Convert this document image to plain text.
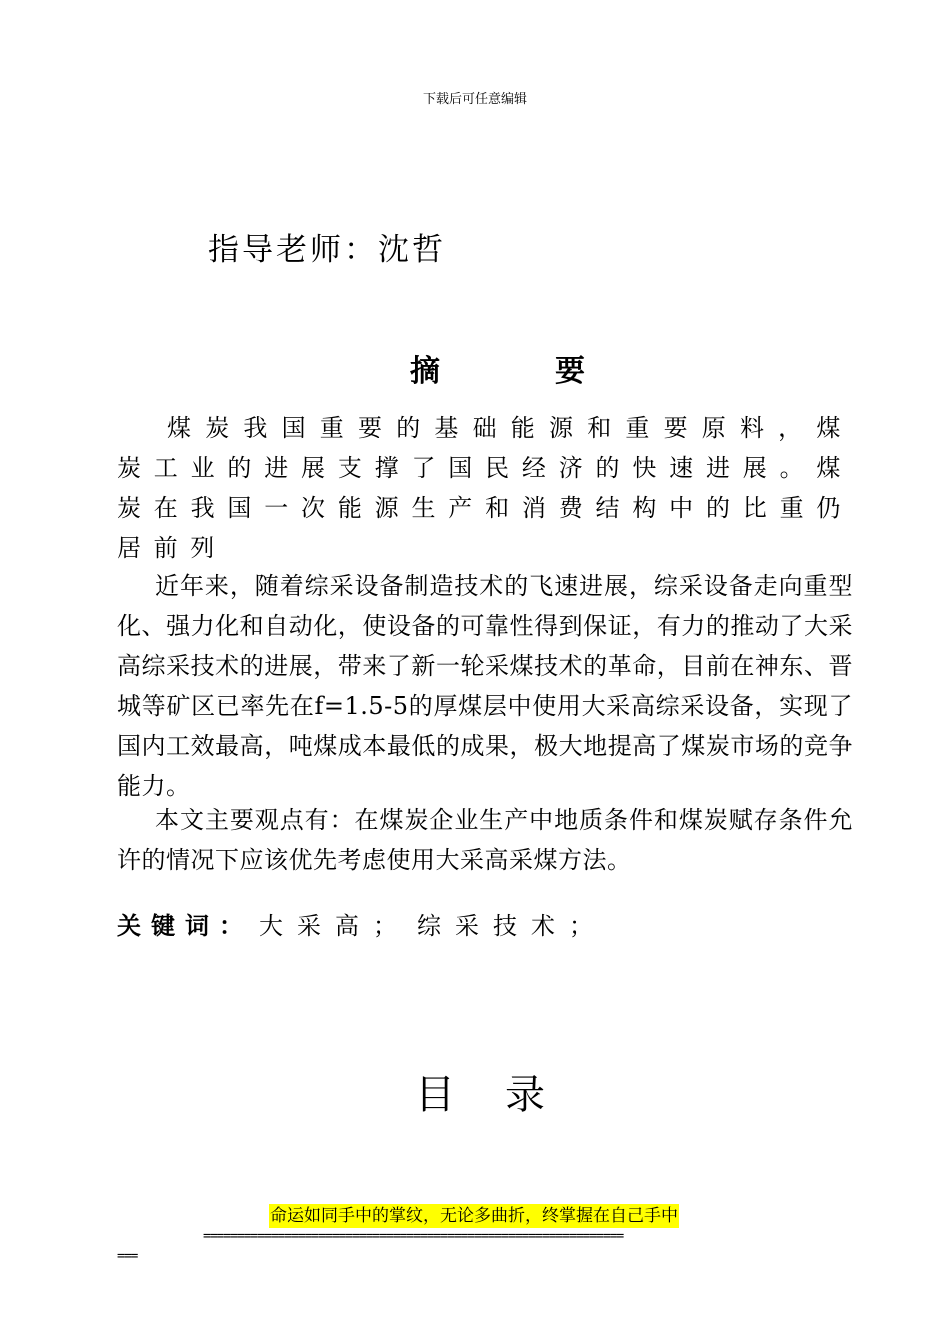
下载后可任意编辑
指导老师：沈哲
摘	要

煤炭我国重要的基础能源和重要原料，煤炭工业的进展支撑了国民经济的快速进展。煤炭在我国一次能源生产和消费结构中的比重仍居前列

近年来，随着综采设备制造技术的飞速进展，综采设备走向重型化、强力化和自动化，使设备的可靠性得到保证，有力的推动了大采高综采技术的进展，带来了新一轮采煤技术的革命，目前在神东、晋城等矿区已率先在f=1.5-5的厚煤层中使用大采高综采设备，实现了国内工效最高，吨煤成本最低的成果，极大地提高了煤炭市场的竞争能力。

本文主要观点有：在煤炭企业生产中地质条件和煤炭赋存条件允许的情况下应该优先考虑使用大采高采煤方法。

关键词： 大采高； 综采技术；
目 录
命运如同手中的掌纹，无论多曲折，终掌握在自己手中
==============================================================
===
